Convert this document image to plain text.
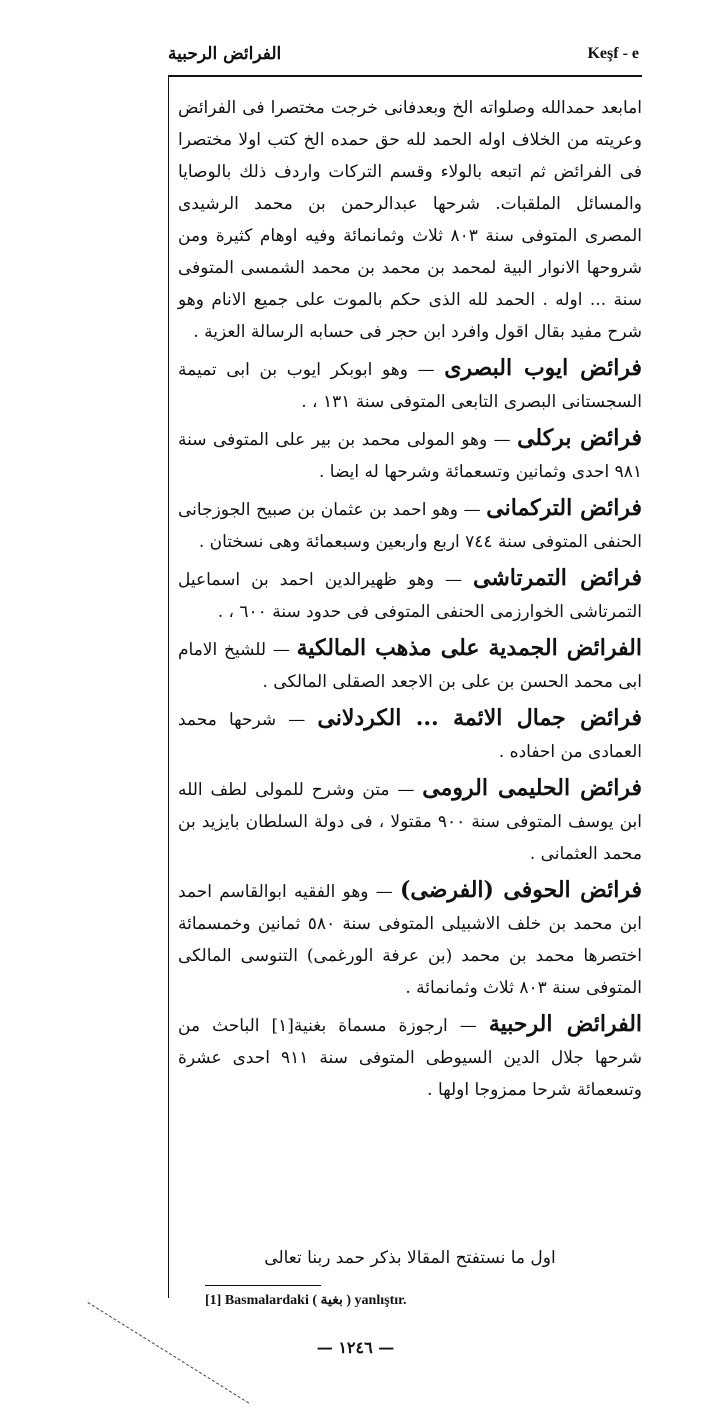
الفرائض الرحبية	Keşf - e
امابعد حمدالله وصلواته الخ وبعدفانى خرجت مختصرا فى الفرائض وعريته من الخلاف اوله الحمد لله حق حمده الخ كتب اولا مختصرا فى الفرائض ثم اتبعه بالولاء وقسم التركات واردف ذلك بالوصايا والمسائل الملقبات. شرحها عبدالرحمن بن محمد الرشيدى المصرى المتوفى سنة ٨٠٣ ثلاث وثمانمائة وفيه اوهام كثيرة ومن شروحها الانوار البية لمحمد بن محمد بن محمد الشمسى المتوفى سنة ... اوله . الحمد لله الذى حكم بالموت على جميع الانام وهو شرح مفيد بقال اقول وافرد ابن حجر فى حسابه الرسالة العزية .
فرائض ايوب البصرى — وهو ابوبكر ايوب بن ابى تميمة السجستانى البصرى التابعى المتوفى سنة ١٣١ ، .
فرائض بركلى — وهو المولى محمد بن بير على المتوفى سنة ٩٨١ احدى وثمانين وتسعمائة وشرحها له ايضا .
فرائض التركمانى — وهو احمد بن عثمان بن صبيح الجوزجانى الحنفى المتوفى سنة ٧٤٤ اربع واربعين وسبعمائة وهى نسختان .
فرائض التمرتاشى — وهو ظهيرالدين احمد بن اسماعيل التمرتاشى الخوارزمى الحنفى المتوفى فى حدود سنة ٦٠٠ ، .
الفرائض الجمدية على مذهب المالكية — للشيخ الامام ابى محمد الحسن بن على بن الاجعد الصقلى المالكى .
فرائض جمال الائمة ... الكردلانى — شرحها محمد العمادى من احفاده .
فرائض الحليمى الرومى — متن وشرح للمولى لطف الله ابن يوسف المتوفى سنة ٩٠٠ مقتولا ، فى دولة السلطان بايزيد بن محمد العثمانى .
فرائض الحوفى (الفرضى) — وهو الفقيه ابوالقاسم احمد ابن محمد بن خلف الاشبيلى المتوفى سنة ٥٨٠ ثمانين وخمسمائة اختصرها محمد بن محمد (بن عرفة الورغمى) التنوسى المالكى المتوفى سنة ٨٠٣ ثلاث وثمانمائة .
الفرائض الرحبية — ارجوزة مسماة بغنية[١] الباحث من شرحها جلال الدين السيوطى المتوفى سنة ٩١١ احدى عشرة وتسعمائة شرحا ممزوجا اولها .
اول ما نستفتح المقالا بذكر حمد ربنا تعالى
[1] Basmalardaki ( بغية ) yanlıştır.
— ١٢٤٦ —
